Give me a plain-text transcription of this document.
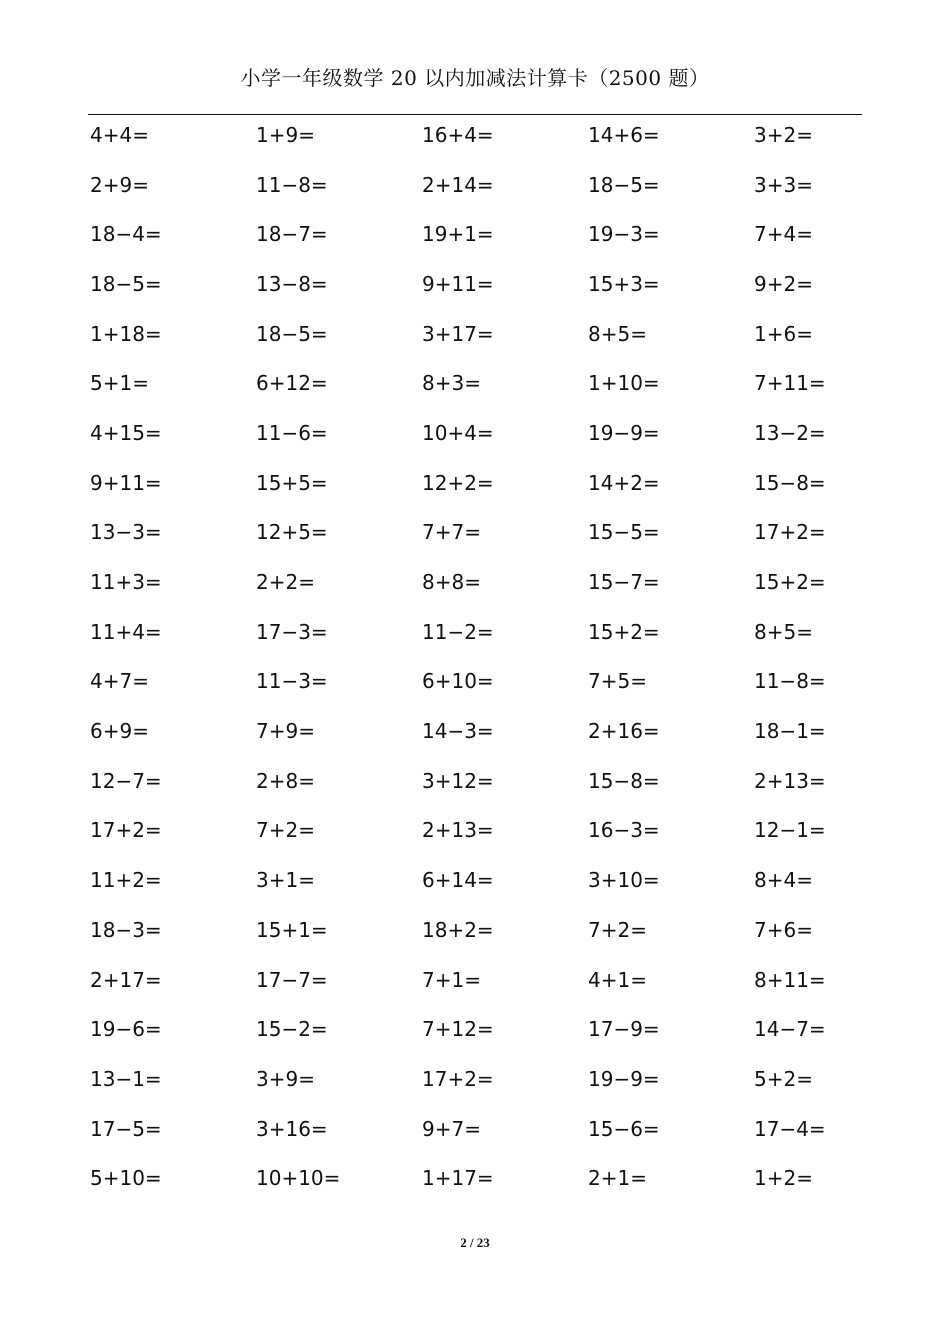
小学一年级数学 20 以内加减法计算卡（2500 题）
4+4=	1+9=	16+4=	14+6=	3+2=
2+9=	11−8=	2+14=	18−5=	3+3=
18−4=	18−7=	19+1=	19−3=	7+4=
18−5=	13−8=	9+11=	15+3=	9+2=
1+18=	18−5=	3+17=	8+5=	1+6=
5+1=	6+12=	8+3=	1+10=	7+11=
4+15=	11−6=	10+4=	19−9=	13−2=
9+11=	15+5=	12+2=	14+2=	15−8=
13−3=	12+5=	7+7=	15−5=	17+2=
11+3=	2+2=	8+8=	15−7=	15+2=
11+4=	17−3=	11−2=	15+2=	8+5=
4+7=	11−3=	6+10=	7+5=	11−8=
6+9=	7+9=	14−3=	2+16=	18−1=
12−7=	2+8=	3+12=	15−8=	2+13=
17+2=	7+2=	2+13=	16−3=	12−1=
11+2=	3+1=	6+14=	3+10=	8+4=
18−3=	15+1=	18+2=	7+2=	7+6=
2+17=	17−7=	7+1=	4+1=	8+11=
19−6=	15−2=	7+12=	17−9=	14−7=
13−1=	3+9=	17+2=	19−9=	5+2=
17−5=	3+16=	9+7=	15−6=	17−4=
5+10=	10+10=	1+17=	2+1=	1+2=
2 / 23
